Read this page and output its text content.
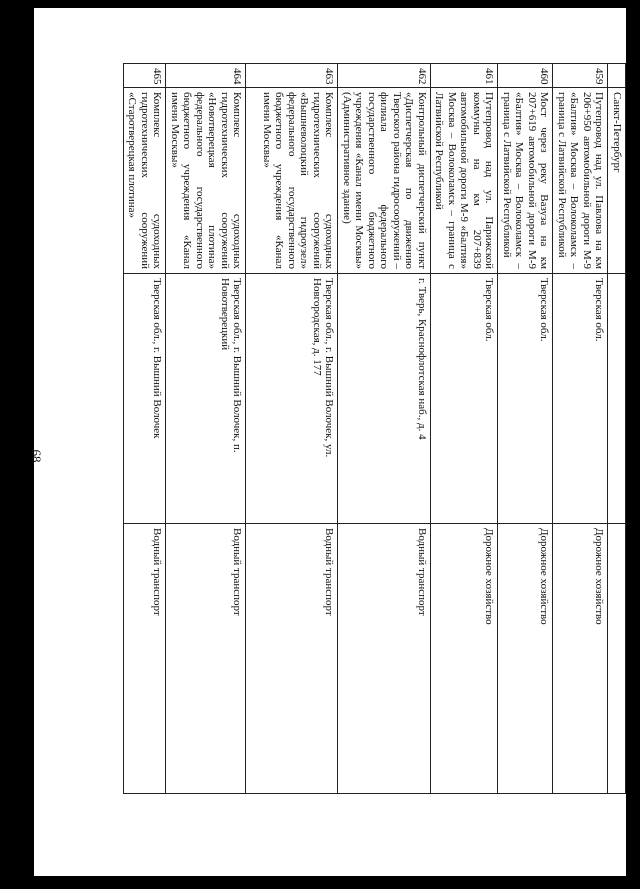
68
	Санкт-Петербург		
459	Путепровод над ул. Павлова на км 206+950 автомобильной дороги М-9 «Балтия» Москва – Волоколамск – граница с Латвийской Республикой	Тверская обл.	Дорожное хозяйство
460	Мост через реку Вазуза на км 207+619 автомобильной дороги М-9 «Балтия» Москва – Волоколамск – граница с Латвийской Республикой	Тверская обл.	Дорожное хозяйство
461	Путепровод над ул. Парижской коммуны на км 207+839 автомобильной дороги М-9 «Балтия» Москва – Волоколамск – граница с Латвийской Республикой	Тверская обл.	Дорожное хозяйство
462	Контрольный диспетчерский пункт «Диспетчерская по движению Тверского района гидросооружений – филиала федерального государственного бюджетного учреждения «Канал имени Москвы» (Административное здание)	г. Тверь, Краснофлотская наб., д. 4	Водный транспорт
463	Комплекс судоходных гидротехнических сооружений «Вышневолоцкий гидроузел» федерального государственного бюджетного учреждения «Канал имени Москвы»	Тверская обл., г. Вышний Волочек, ул. Новгородская, д. 177	Водный транспорт
464	Комплекс судоходных гидротехнических сооружений «Новотверецкая плотина» федерального государственного бюджетного учреждения «Канал имени Москвы»	Тверская обл., г. Вышний Волочек, п. Новотверецкий	Водный транспорт
465	Комплекс судоходных гидротехнических сооружений «Старотверецкая плотина»	Тверская обл., г. Вышний Волочек	Водный транспорт
